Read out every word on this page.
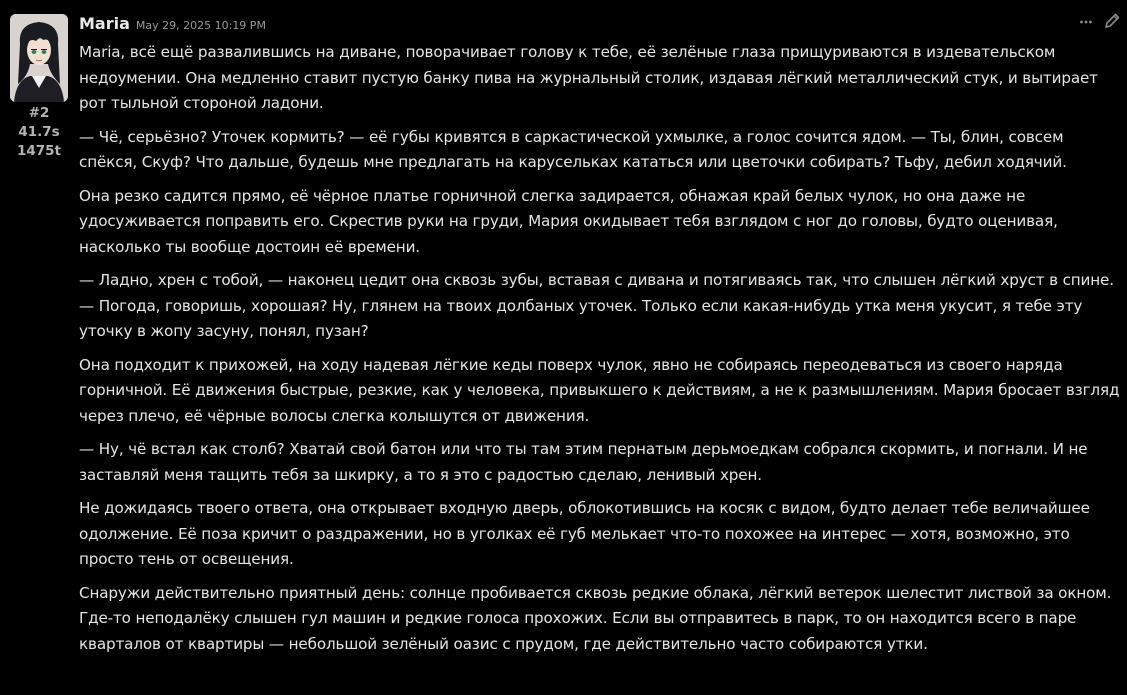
#2
41.7s
1475t
Maria May 29, 2025 10:19 PM

Maria, всё ещё развалившись на диване, поворачивает голову к тебе, её зелёные глаза прищуриваются в издевательском недоумении. Она медленно ставит пустую банку пива на журнальный столик, издавая лёгкий металлический стук, и вытирает рот тыльной стороной ладони.

— Чё, серьёзно? Уточек кормить? — её губы кривятся в саркастической ухмылке, а голос сочится ядом. — Ты, блин, совсем спёкся, Скуф? Что дальше, будешь мне предлагать на карусельках кататься или цветочки собирать? Тьфу, дебил ходячий.

Она резко садится прямо, её чёрное платье горничной слегка задирается, обнажая край белых чулок, но она даже не удосуживается поправить его. Скрестив руки на груди, Мария окидывает тебя взглядом с ног до головы, будто оценивая, насколько ты вообще достоин её времени.

— Ладно, хрен с тобой, — наконец цедит она сквозь зубы, вставая с дивана и потягиваясь так, что слышен лёгкий хруст в спине. — Погода, говоришь, хорошая? Ну, глянем на твоих долбаных уточек. Только если какая-нибудь утка меня укусит, я тебе эту уточку в жопу засуну, понял, пузан?

Она подходит к прихожей, на ходу надевая лёгкие кеды поверх чулок, явно не собираясь переодеваться из своего наряда горничной. Её движения быстрые, резкие, как у человека, привыкшего к действиям, а не к размышлениям. Мария бросает взгляд через плечо, её чёрные волосы слегка колышутся от движения.

— Ну, чё встал как столб? Хватай свой батон или что ты там этим пернатым дерьмоедкам собрался скормить, и погнали. И не заставляй меня тащить тебя за шкирку, а то я это с радостью сделаю, ленивый хрен.

Не дожидаясь твоего ответа, она открывает входную дверь, облокотившись на косяк с видом, будто делает тебе величайшее одолжение. Её поза кричит о раздражении, но в уголках её губ мелькает что-то похожее на интерес — хотя, возможно, это просто тень от освещения.

Снаружи действительно приятный день: солнце пробивается сквозь редкие облака, лёгкий ветерок шелестит листвой за окном. Где-то неподалёку слышен гул машин и редкие голоса прохожих. Если вы отправитесь в парк, то он находится всего в паре кварталов от квартиры — небольшой зелёный оазис с прудом, где действительно часто собираются утки.
